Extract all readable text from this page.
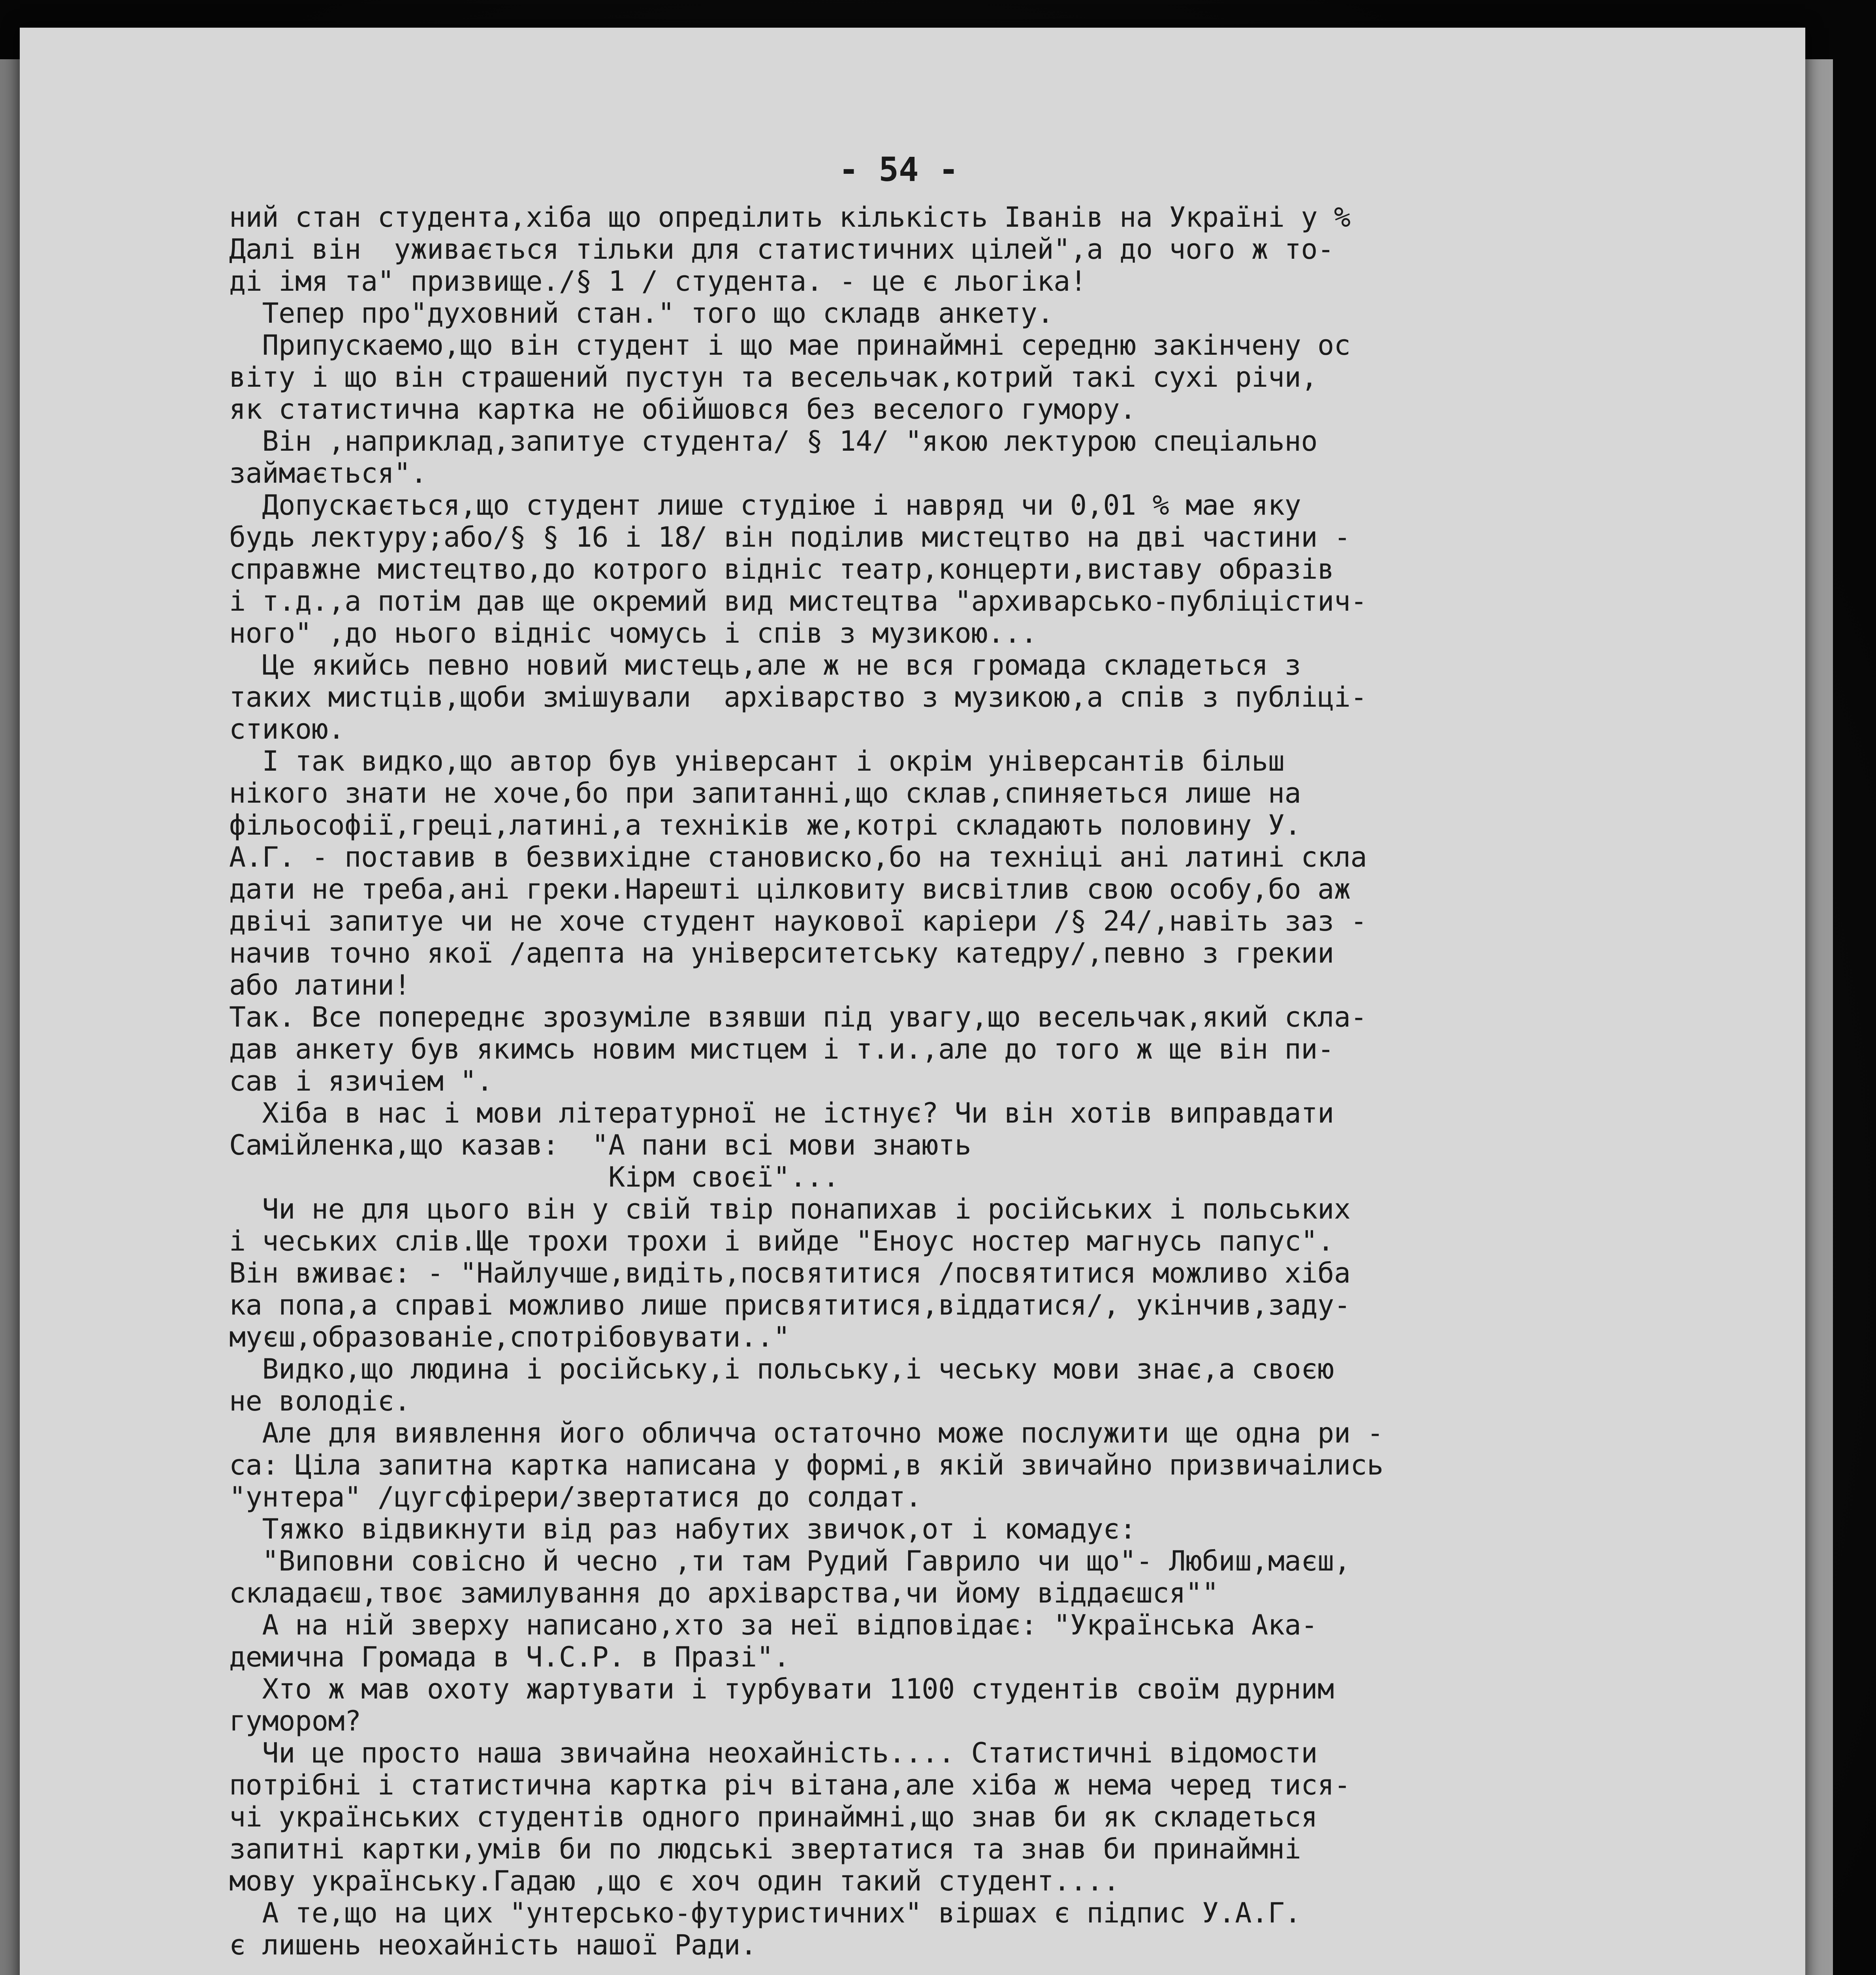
- 54 -
ний стан студента,хіба що опредiлить кiлькiсть Iванiв на Українi у %
Далi вiн  уживається тiльки для статистичних цiлей",а до чого ж то-
дi iмя та" призвище./§ 1 / студента. - це є льогiка!
Тепер про"духовний стан." того що складв анкету.
Припускаемо,що вiн студент i що мае принаймнi середню закiнчену ос
вiту i що вiн страшений пустун та весельчак,котрий такi сухi рiчи,
як статистична картка не обiйшовся без веселого гумору.
Вiн ,наприклад,запитуе студента/ § 14/ "якою лектурою спецiально
займається".
Допускається,що студент лише студiюе i навряд чи 0,01 % мае яку
будь лектуру;або/§ § 16 i 18/ вiн подiлив мистецтво на двi частини -
справжне мистецтво,до котрого вiднiс театр,концерти,виставу образiв
i т.д.,а потiм дав ще окремий вид мистецтва "архиварсько-публiцiстич-
ного" ,до нього вiднiс чомусь i спiв з музикою...
Це якийсь певно новий мистець,але ж не вся громада складеться з
таких мистцiв,щоби змiшували  архiварство з музикою,а спiв з публiцi-
стикою.
I так видко,що автор був унiверсант i окрiм унiверсантiв бiльш
нiкого знати не хоче,бо при запитаннi,що склав,спиняеться лише на
фiльософiї,грецi,латинi,а технiкiв же,котрi складають половину У.
А.Г. - поставив в безвихiдне становиско,бо на технiцi анi латинi скла
дати не треба,анi греки.Нарештi цiлковиту висвiтлив свою особу,бо аж
двiчi запитуе чи не хоче студент наукової карiери /§ 24/,навiть заз -
начив точно якої /адепта на унiверситетську катедру/,певно з грекии
або латини!
Так. Все попереднє зрозумiле взявши пiд увагу,що весельчак,який скла-
дав анкету був якимсь новим мистцем i т.и.,але до того ж ще вiн пи-
сав i язичiем ".
Хiба в нас i мови лiтературної не iстнує? Чи вiн хотiв виправдати
Самiйленка,що казав:  "А пани всi мови знають
Кiрм своєї"...
Чи не для цього вiн у свiй твiр понапихав i росiйських i польських
i чеських слiв.Ще трохи трохи i вийде "Еноус ностер магнусь папус".
Вiн вживає: - "Найлучше,видiть,посвятитися /посвятитися можливо хiба
ка попа,а справi можливо лише присвятитися,вiддатися/, укiнчив,заду-
муєш,образованiе,спотрiбовувати.."
Видко,що людина i росiйську,i польську,i чеську мови знає,а своєю
не володiє.
Але для виявлення його обличча остаточно може послужити ще одна ри -
са: Цiла запитна картка написана у формi,в якiй звичайно призвичаiлись
"унтера" /цугсфiрери/звертатися до солдат.
Тяжко вiдвикнути вiд раз набутих звичок,от i комадує:
"Виповни совiсно й чесно ,ти там Рудий Гаврило чи що"- Любиш,маєш,
складаєш,твоє замилування до архiварства,чи йому вiддаєшся""
А на нiй зверху написано,хто за неї вiдповiдає: "Українська Ака-
демична Громада в Ч.С.Р. в Празi".
Хто ж мав охоту жартувати i турбувати 1100 студентiв своїм дурним
гумором?
Чи це просто наша звичайна неохайнiсть.... Статистичнi вiдомости
потрiбнi i статистична картка рiч вiтана,але хiба ж нема черед тися-
чi українських студентiв одного принаймнi,що знав би як складеться
запитнi картки,умiв би по людськi звертатися та знав би принаймнi
мову українську.Гадаю ,що є хоч один такий студент....
А те,що на цих "унтерсько-футуристичних" віршах є пiдпис У.А.Г.
є лишень неохайнiсть нашої Ради.
